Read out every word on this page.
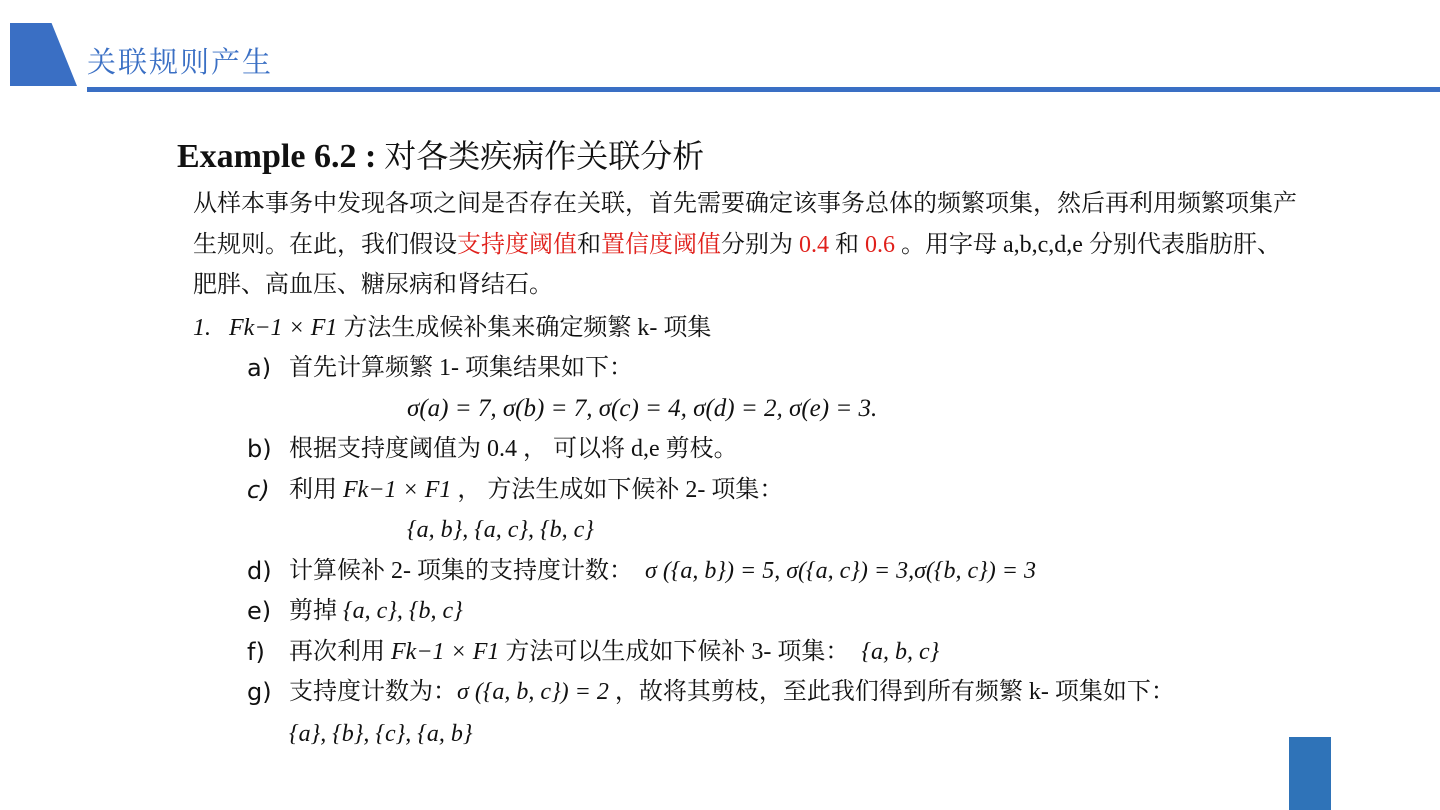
关联规则产生
Example 6.2 : 对各类疾病作关联分析
从样本事务中发现各项之间是否存在关联，首先需要确定该事务总体的频繁项集，然后再利用频繁项集产生规则。在此，我们假设支持度阈值和置信度阈值分别为 0.4 和 0.6 。用字母 a,b,c,d,e 分别代表脂肪肝、肥胖、高血压、糖尿病和肾结石。
1. Fk−1 × F1 方法生成候补集来确定频繁 k- 项集
a) 首先计算频繁 1- 项集结果如下：
σ(a) = 7, σ(b) = 7, σ(c) = 4, σ(d) = 2, σ(e) = 3.
b) 根据支持度阈值为 0.4 ， 可以将 d,e 剪枝。
c) 利用 Fk−1 × F1 ， 方法生成如下候补 2- 项集：
{a, b}, {a, c}, {b, c}
d) 计算候补 2- 项集的支持度计数： σ ({a, b}) = 5, σ({a, c}) = 3,σ({b, c}) = 3
e) 剪掉 {a, c}, {b, c}
f) 再次利用 Fk−1 × F1 方法可以生成如下候补 3- 项集： {a, b, c}
g) 支持度计数为：σ ({a, b, c}) = 2 ，故将其剪枝，至此我们得到所有频繁 k- 项集如下：
{a}, {b}, {c}, {a, b}
